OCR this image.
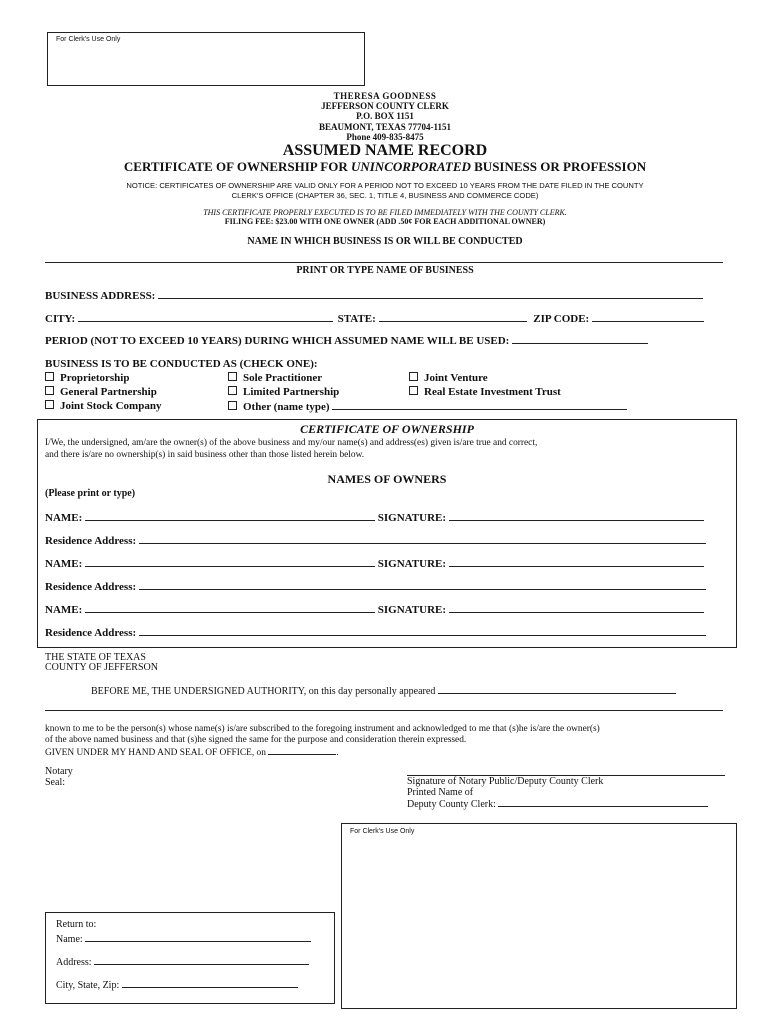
For Clerk's Use Only
THERESA GOODNESS
JEFFERSON COUNTY CLERK
P.O. BOX 1151
BEAUMONT, TEXAS 77704-1151
Phone 409-835-8475
ASSUMED NAME RECORD
CERTIFICATE OF OWNERSHIP FOR UNINCORPORATED BUSINESS OR PROFESSION
NOTICE: CERTIFICATES OF OWNERSHIP ARE VALID ONLY FOR A PERIOD NOT TO EXCEED 10 YEARS FROM THE DATE FILED IN THE COUNTY
CLERK'S OFFICE (CHAPTER 36, SEC. 1, TITLE 4, BUSINESS AND COMMERCE CODE)
THIS CERTIFICATE PROPERLY EXECUTED IS TO BE FILED IMMEDIATELY WITH THE COUNTY CLERK.
FILING FEE: $23.00 WITH ONE OWNER (ADD .50¢ FOR EACH ADDITIONAL OWNER)
NAME IN WHICH BUSINESS IS OR WILL BE CONDUCTED
PRINT OR TYPE NAME OF BUSINESS
BUSINESS ADDRESS:
CITY:	STATE:	ZIP CODE:
PERIOD (NOT TO EXCEED 10 YEARS) DURING WHICH ASSUMED NAME WILL BE USED:
BUSINESS IS TO BE CONDUCTED AS (CHECK ONE):
Proprietorship
General Partnership
Joint Stock Company
Sole Practitioner
Limited Partnership
Other (name type)
Joint Venture
Real Estate Investment Trust
CERTIFICATE OF OWNERSHIP
I/We, the undersigned, am/are the owner(s) of the above business and my/our name(s) and address(es) given is/are true and correct,
and there is/are no ownership(s) in said business other than those listed herein below.
NAMES OF OWNERS
(Please print or type)
NAME:	SIGNATURE:
Residence Address:
NAME:	SIGNATURE:
Residence Address:
NAME:	SIGNATURE:
Residence Address:
THE STATE OF TEXAS
COUNTY OF JEFFERSON
BEFORE ME, THE UNDERSIGNED AUTHORITY, on this day personally appeared
known to me to be the person(s) whose name(s) is/are subscribed to the foregoing instrument and acknowledged to me that (s)he is/are the owner(s)
of the above named business and that (s)he signed the same for the purpose and consideration therein expressed.
GIVEN UNDER MY HAND AND SEAL OF OFFICE, on	.
Notary
Seal:	Signature of Notary Public/Deputy County Clerk
Printed Name of
Deputy County Clerk:
For Clerk's Use Only
Return to:
Name:
Address:
City, State, Zip:
